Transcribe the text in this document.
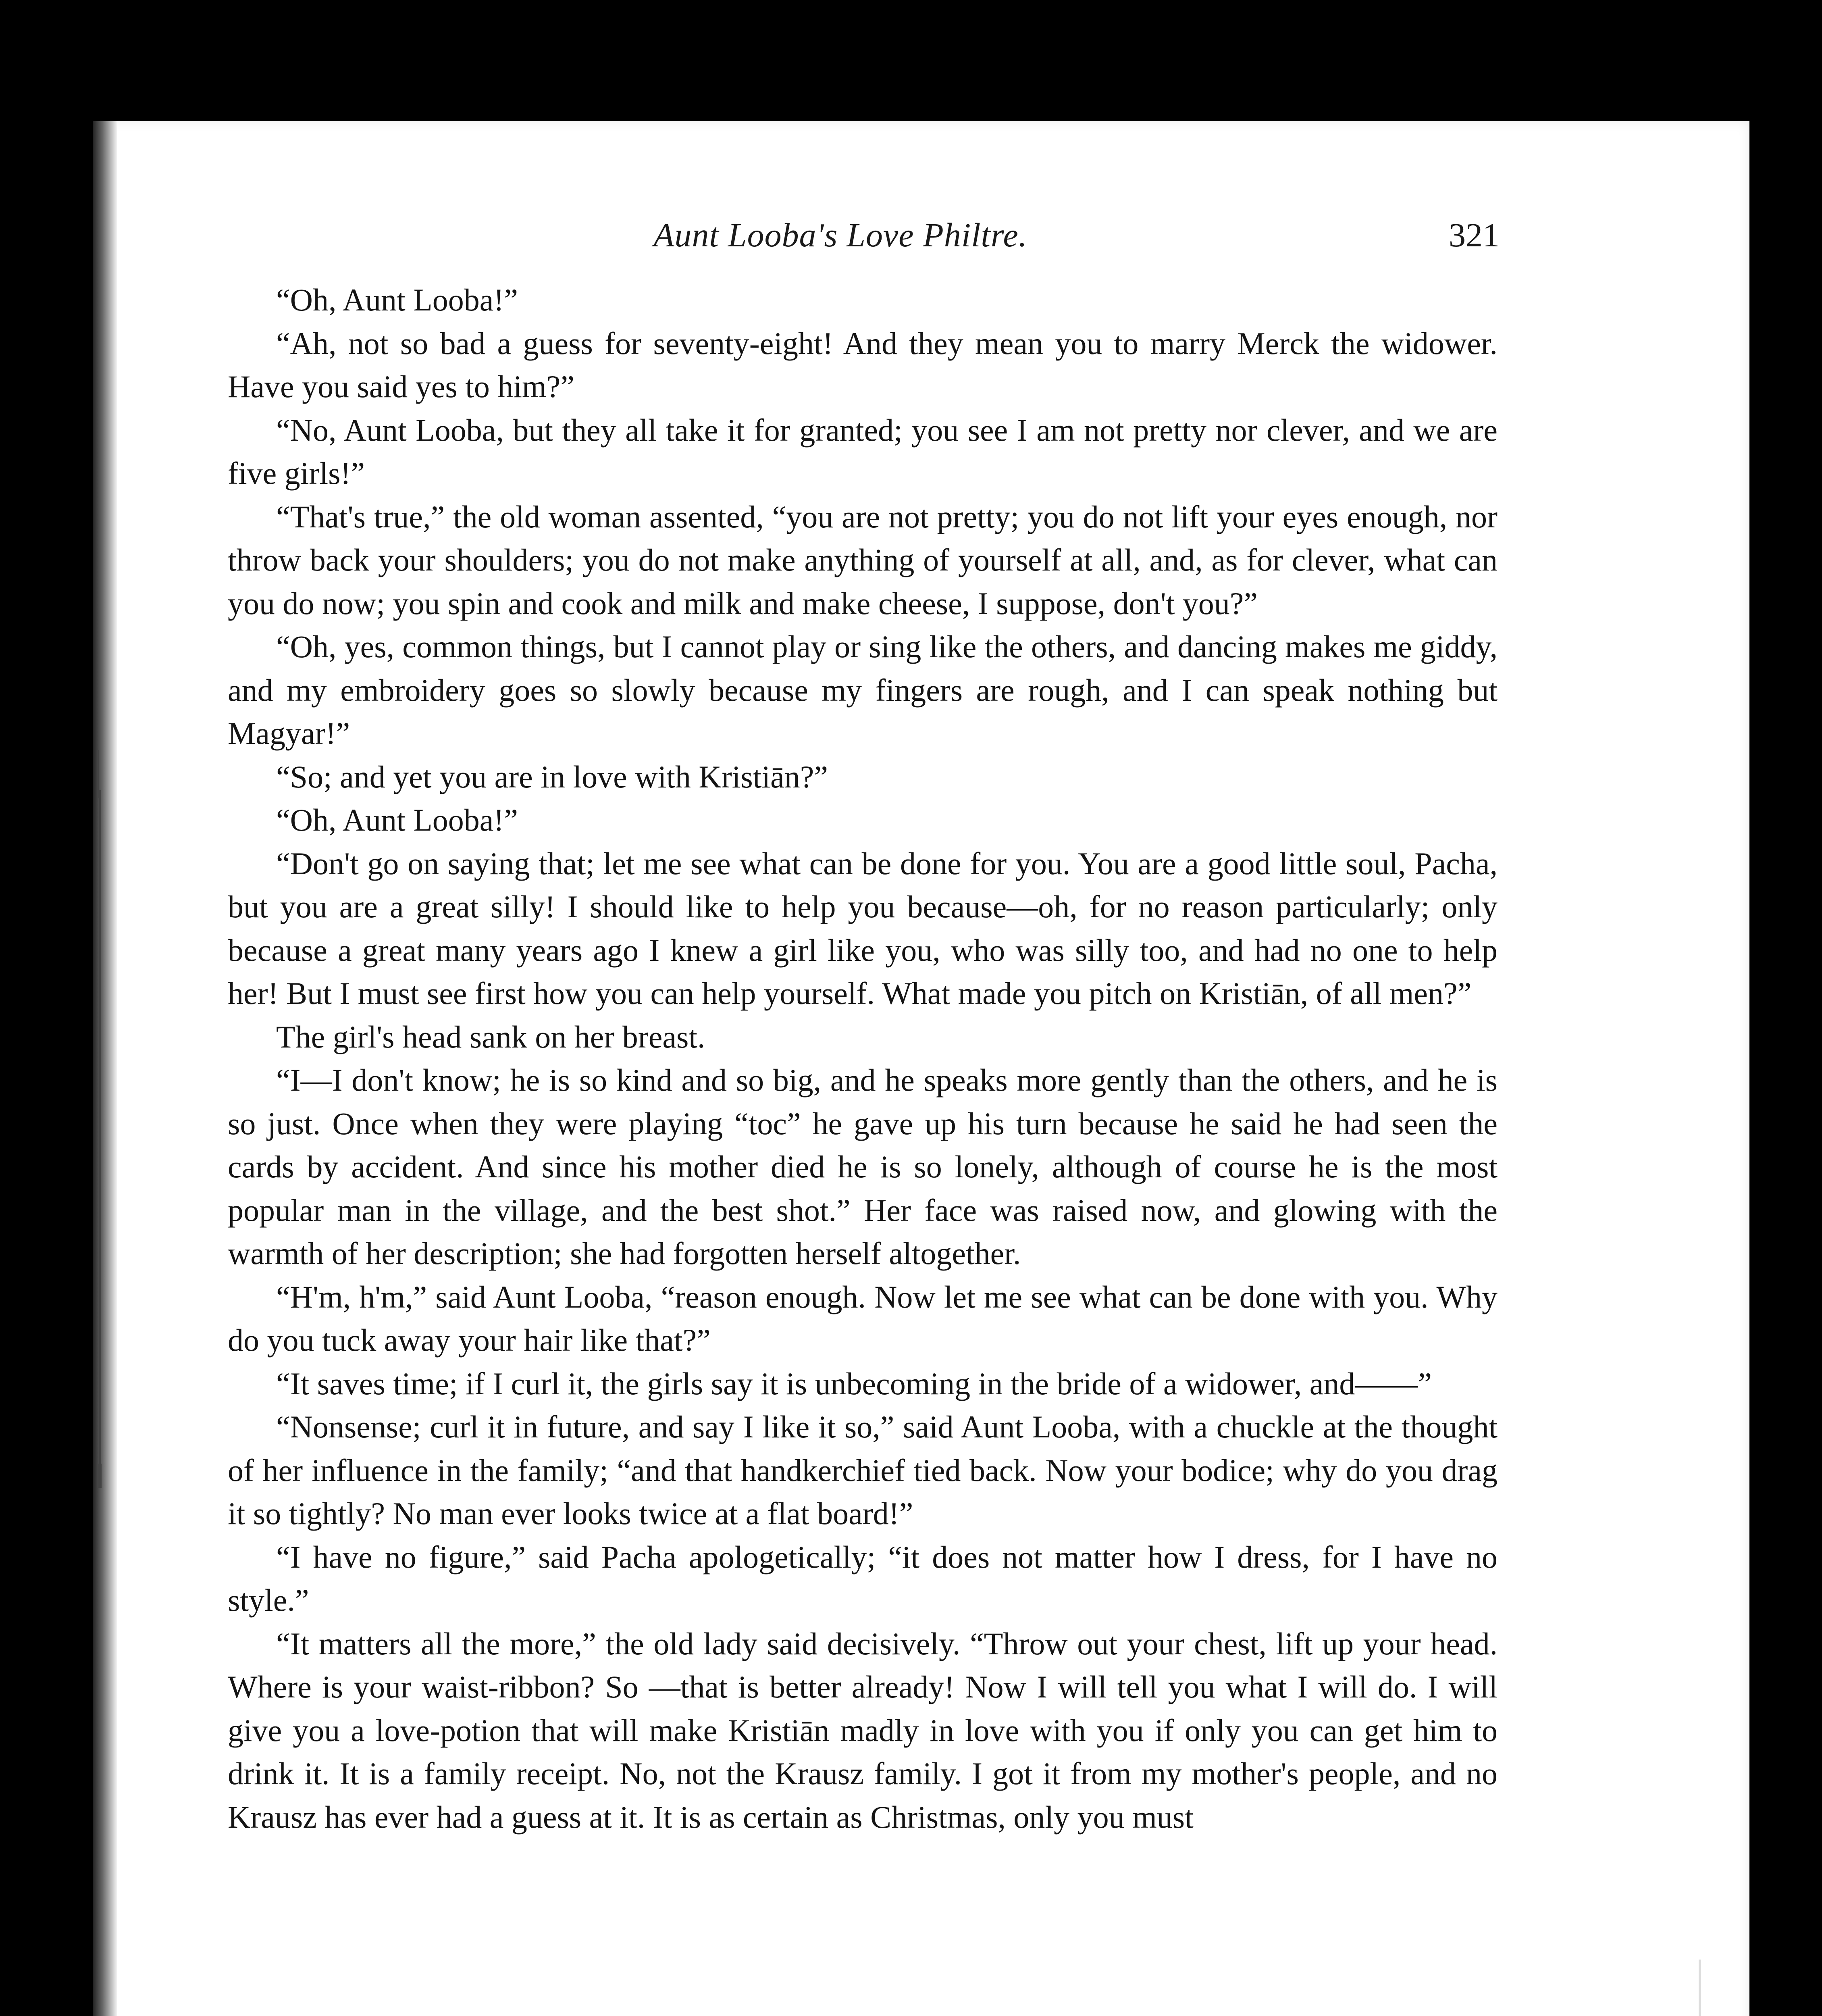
Aunt Looba's Love Philtre.	321

“Oh, Aunt Looba!”

“Ah, not so bad a guess for seventy-eight! And they mean you to marry Merck the widower. Have you said yes to him?”

“No, Aunt Looba, but they all take it for granted; you see I am not pretty nor clever, and we are five girls!”

“That's true,” the old woman assented, “you are not pretty; you do not lift your eyes enough, nor throw back your shoulders; you do not make anything of yourself at all, and, as for clever, what can you do now; you spin and cook and milk and make cheese, I suppose, don't you?”

“Oh, yes, common things, but I cannot play or sing like the others, and dancing makes me giddy, and my embroidery goes so slowly because my fingers are rough, and I can speak nothing but Magyar!”

“So; and yet you are in love with Kristiān?”

“Oh, Aunt Looba!”

“Don't go on saying that; let me see what can be done for you. You are a good little soul, Pacha, but you are a great silly! I should like to help you because—oh, for no reason particularly; only because a great many years ago I knew a girl like you, who was silly too, and had no one to help her! But I must see first how you can help yourself. What made you pitch on Kristiān, of all men?”

The girl's head sank on her breast.

“I—I don't know; he is so kind and so big, and he speaks more gently than the others, and he is so just. Once when they were playing “toc” he gave up his turn because he said he had seen the cards by accident. And since his mother died he is so lonely, although of course he is the most popular man in the village, and the best shot.” Her face was raised now, and glowing with the warmth of her description; she had forgotten herself altogether.

“H'm, h'm,” said Aunt Looba, “reason enough. Now let me see what can be done with you. Why do you tuck away your hair like that?”

“It saves time; if I curl it, the girls say it is unbecoming in the bride of a widower, and——”

“Nonsense; curl it in future, and say I like it so,” said Aunt Looba, with a chuckle at the thought of her influence in the family; “and that handkerchief tied back. Now your bodice; why do you drag it so tightly? No man ever looks twice at a flat board!”

“I have no figure,” said Pacha apologetically; “it does not matter how I dress, for I have no style.”

“It matters all the more,” the old lady said decisively. “Throw out your chest, lift up your head. Where is your waist-ribbon? So —that is better already! Now I will tell you what I will do. I will give you a love-potion that will make Kristiān madly in love with you if only you can get him to drink it. It is a family receipt. No, not the Krausz family. I got it from my mother's people, and no Krausz has ever had a guess at it. It is as certain as Christmas, only you must
